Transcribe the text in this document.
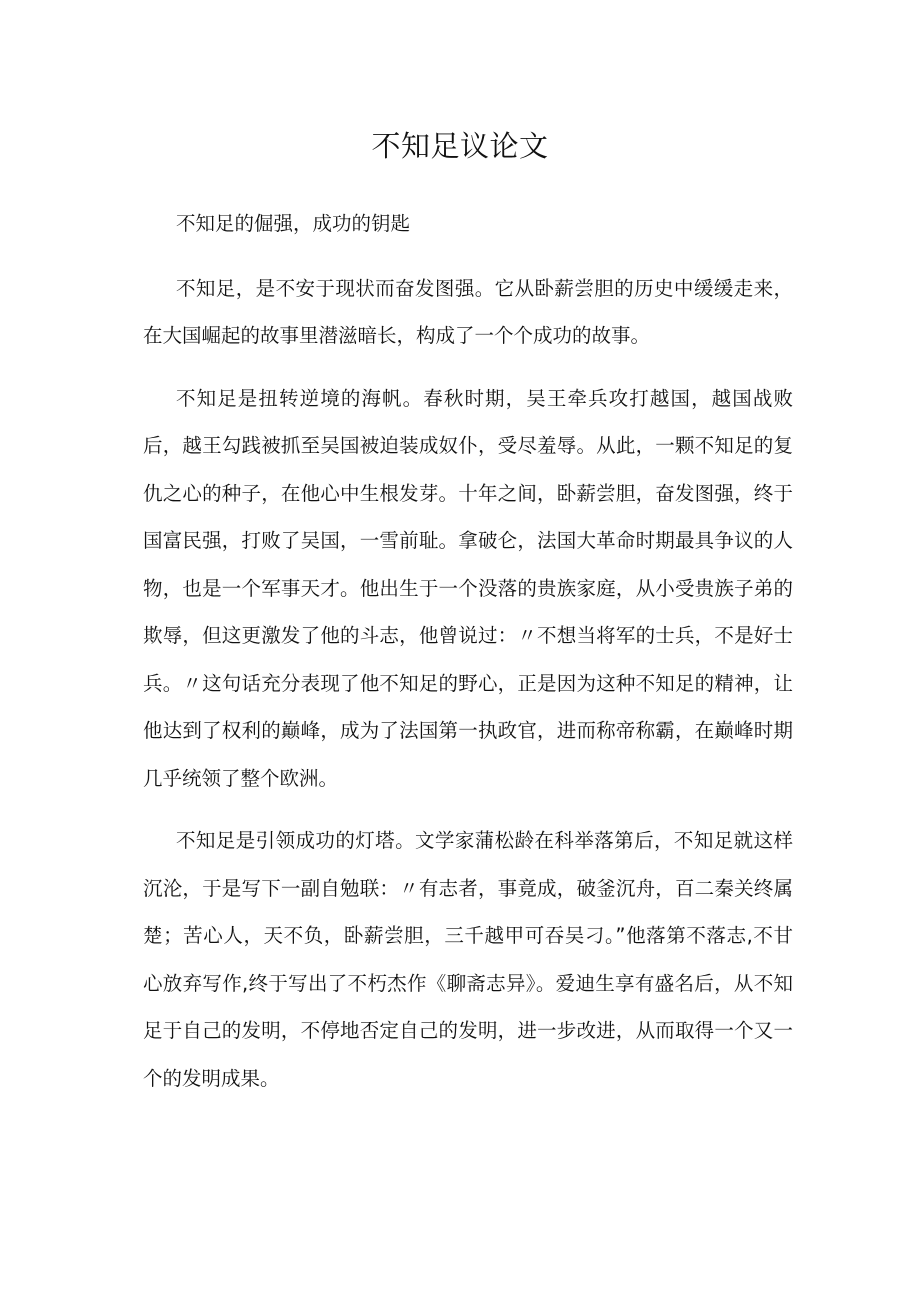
不知足议论文

不知足的倔强，成功的钥匙

不知足，是不安于现状而奋发图强。它从卧薪尝胆的历史中缓缓走来，在大国崛起的故事里潜滋暗长，构成了一个个成功的故事。

不知足是扭转逆境的海帆。春秋时期，吴王牵兵攻打越国，越国战败后，越王勾践被抓至吴国被迫装成奴仆，受尽羞辱。从此，一颗不知足的复仇之心的种子，在他心中生根发芽。十年之间，卧薪尝胆，奋发图强，终于国富民强，打败了吴国，一雪前耻。拿破仑，法国大革命时期最具争议的人物，也是一个军事天才。他出生于一个没落的贵族家庭，从小受贵族子弟的欺辱，但这更激发了他的斗志，他曾说过：〃不想当将军的士兵，不是好士兵。〃这句话充分表现了他不知足的野心，正是因为这种不知足的精神，让他达到了权利的巅峰，成为了法国第一执政官，进而称帝称霸，在巅峰时期几乎统领了整个欧洲。

不知足是引领成功的灯塔。文学家蒲松龄在科举落第后，不知足就这样沉沦，于是写下一副自勉联：〃有志者，事竟成，破釜沉舟，百二秦关终属楚；苦心人，天不负，卧薪尝胆，三千越甲可吞吴刁。”他落第不落志,不甘心放弃写作,终于写出了不朽杰作《聊斋志异》。爱迪生享有盛名后，从不知足于自己的发明，不停地否定自己的发明，进一步改进，从而取得一个又一个的发明成果。
